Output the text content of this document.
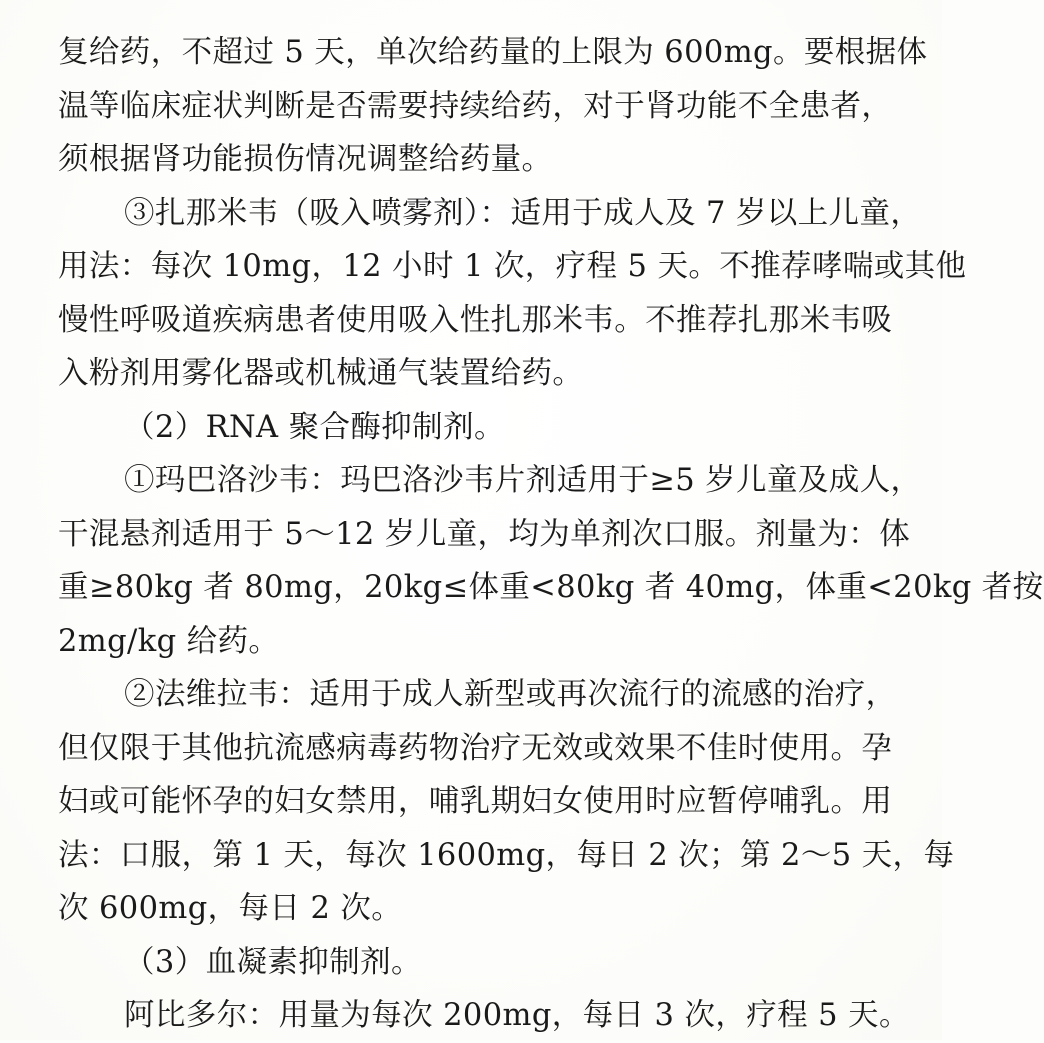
复给药，不超过 5 天，单次给药量的上限为 600mg。要根据体
温等临床症状判断是否需要持续给药，对于肾功能不全患者，
须根据肾功能损伤情况调整给药量。
③扎那米韦（吸入喷雾剂）：适用于成人及 7 岁以上儿童，
用法：每次 10mg，12 小时 1 次，疗程 5 天。不推荐哮喘或其他
慢性呼吸道疾病患者使用吸入性扎那米韦。不推荐扎那米韦吸
入粉剂用雾化器或机械通气装置给药。
（2）RNA 聚合酶抑制剂。
①玛巴洛沙韦：玛巴洛沙韦片剂适用于≥5 岁儿童及成人，
干混悬剂适用于 5～12 岁儿童，均为单剂次口服。剂量为：体
重≥80kg 者 80mg，20kg≤体重<80kg 者 40mg，体重<20kg 者按
2mg/kg 给药。
②法维拉韦：适用于成人新型或再次流行的流感的治疗，
但仅限于其他抗流感病毒药物治疗无效或效果不佳时使用。孕
妇或可能怀孕的妇女禁用，哺乳期妇女使用时应暂停哺乳。用
法：口服，第 1 天，每次 1600mg，每日 2 次；第 2～5 天，每
次 600mg，每日 2 次。
（3）血凝素抑制剂。
阿比多尔：用量为每次 200mg，每日 3 次，疗程 5 天。
